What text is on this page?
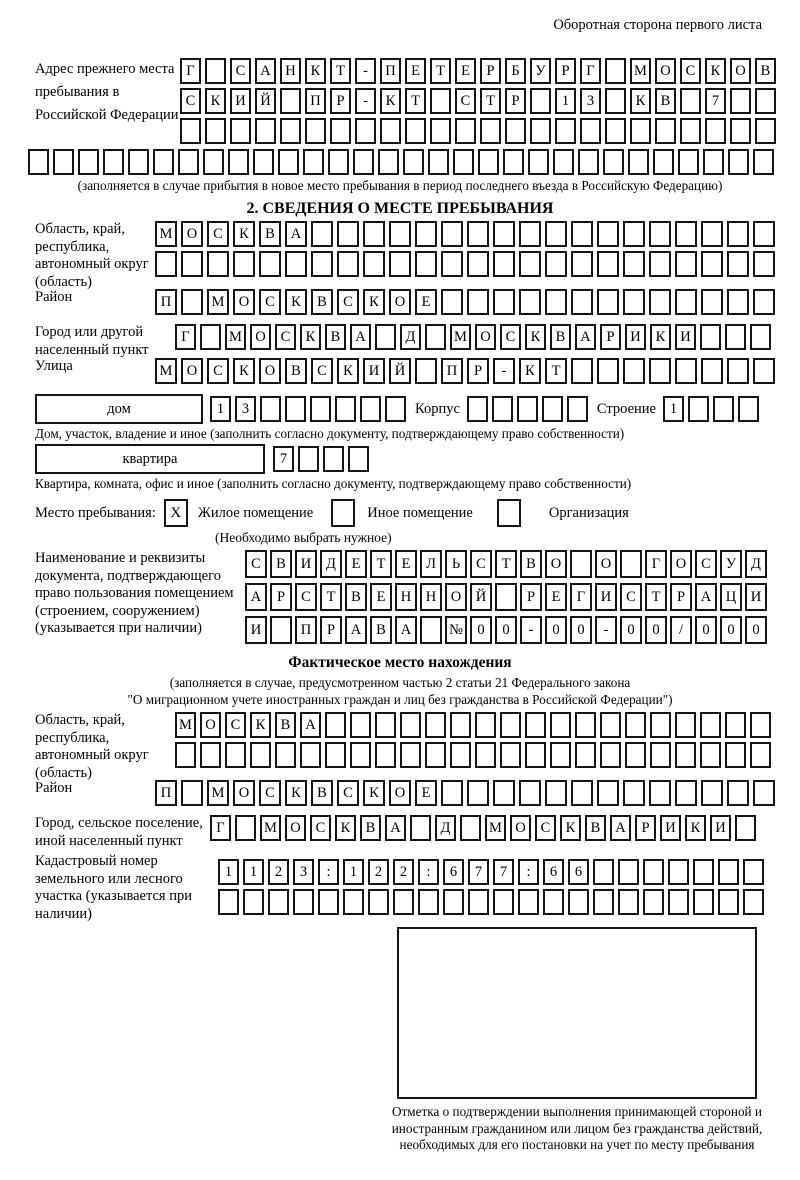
Оборотная сторона первого листа
Адрес прежнего места пребывания в Российской Федерации
Г	С	А	Н	К	Т	-	П	Е	Т	Е	Р	Б	У	Р	Г	М О	С	К	О	В
С	К	И	Й	П	Р	-	К	Т	С	Т	Р	1	3	К	В	7
(заполняется в случае прибытия в новое место пребывания в период последнего въезда в Российскую Федерацию)
2. СВЕДЕНИЯ О МЕСТЕ ПРЕБЫВАНИЯ
Область, край, республика, автономный округ (область)
М О	С	К	В	А
Район	П	М О	С	К	В	С	К	О	Е
Город или другой населенный пункт
Г	М О	С	К	В	А	Д	М О	С	К	В	А	Р	И	К	И
Улица	М О	С	К	О	В	С	К	И	Й	П	Р	-	К	Т
дом	1	3	Корпус	Строение 1
Дом, участок, владение и иное (заполнить согласно документу, подтверждающему право собственности)
квартира	7
Квартира, комната, офис и иное (заполнить согласно документу, подтверждающему право собственности)
Место пребывания: X	Жилое помещение	Иное помещение	Организация
(Необходимо выбрать нужное)
Наименование и реквизиты документа, подтверждающего право пользования помещением (строением, сооружением) (указывается при наличии)
С	В	И	Д	Е	Т	Е	Л	Ь	С	Т	В	О	О	Г	О	С	У	Д
А	Р	С	Т	В	Е	Н	Н	О	Й	Р	Е	Г	И	С	Т	Р	А	Ц	И
И	П	Р	А	В	А	№ 0	0	-	0	0	-	0	0	/	0	0	0
Фактическое место нахождения
(заполняется в случае, предусмотренном частью 2 статьи 21 Федерального закона
"О миграционном учете иностранных граждан и лиц без гражданства в Российской Федерации")
Область, край, республика, автономный округ (область)
М О	С	К	В	А
Район	П	М О	С	К	В	С	К	О	Е
Город, сельское поселение, иной населенный пункт
Г	М О	С	К	В	А	Д	М О	С	К	В	А	Р	И	К	И
Кадастровый номер земельного или лесного участка (указывается при наличии)
1	1	2	3	:	1	2	2	:	6	7	7	:	6	6
Отметка о подтверждении выполнения принимающей стороной и иностранным гражданином или лицом без гражданства действий, необходимых для его постановки на учет по месту пребывания
